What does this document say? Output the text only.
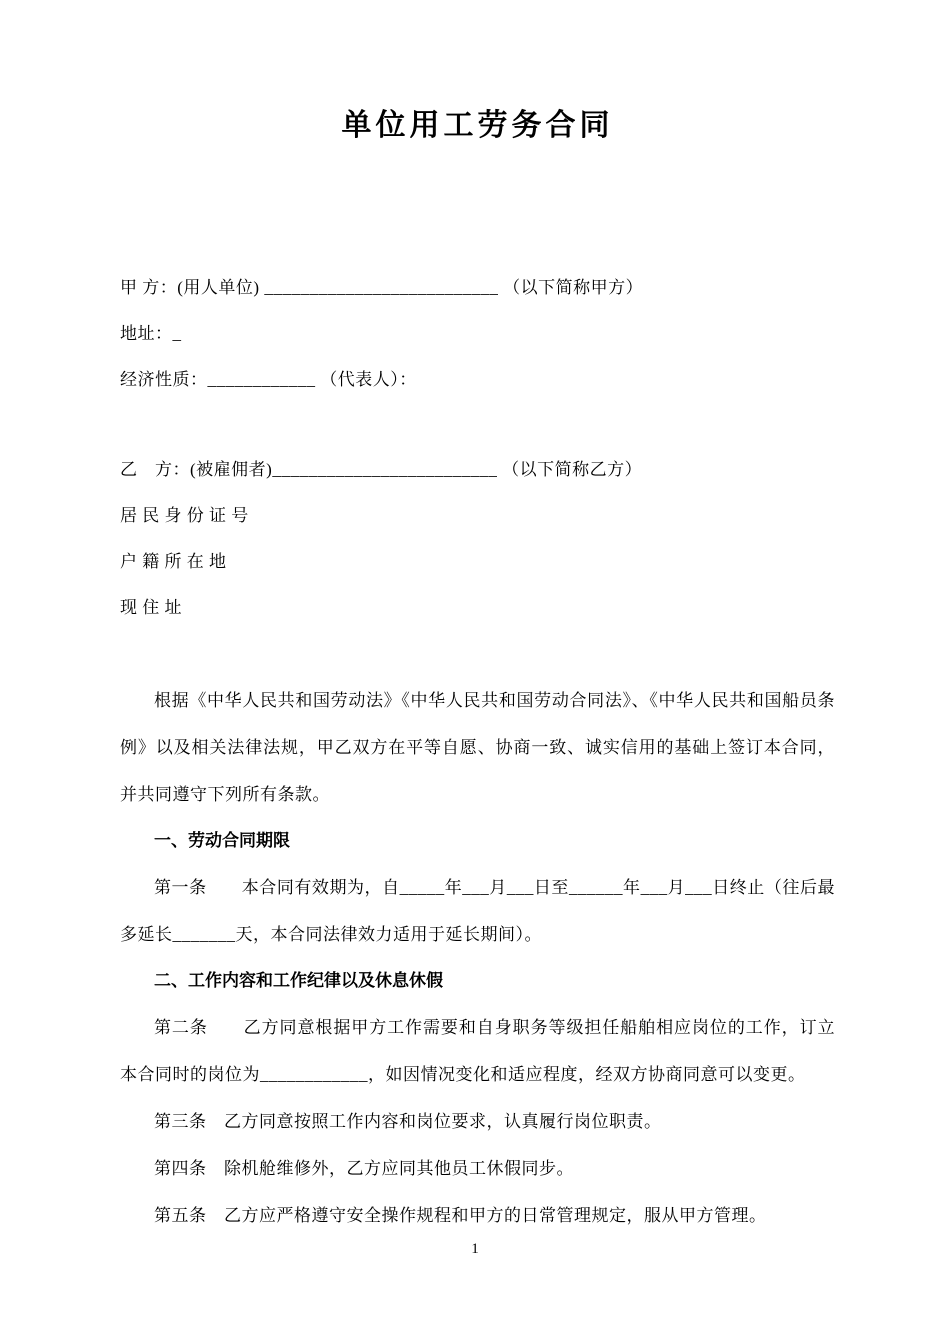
单位用工劳务合同

甲 方：(用人单位) __________________________ （以下简称甲方）

地址：_

经济性质：____________ （代表人）：

乙　方：(被雇佣者)_________________________ （以下简称乙方）

居 民 身 份 证 号

户 籍 所 在 地

现 住 址

根据《中华人民共和国劳动法》《中华人民共和国劳动合同法》、《中华人民共和国船员条例》以及相关法律法规，甲乙双方在平等自愿、协商一致、诚实信用的基础上签订本合同，并共同遵守下列所有条款。

一、劳动合同期限

第一条　　本合同有效期为，自_____年___月___日至______年___月___日终止（往后最多延长_______天，本合同法律效力适用于延长期间）。

二、工作内容和工作纪律以及休息休假

第二条　　乙方同意根据甲方工作需要和自身职务等级担任船舶相应岗位的工作，订立本合同时的岗位为____________，如因情况变化和适应程度，经双方协商同意可以变更。

第三条　乙方同意按照工作内容和岗位要求，认真履行岗位职责。

第四条　除机舱维修外，乙方应同其他员工休假同步。

第五条　乙方应严格遵守安全操作规程和甲方的日常管理规定，服从甲方管理。

1
